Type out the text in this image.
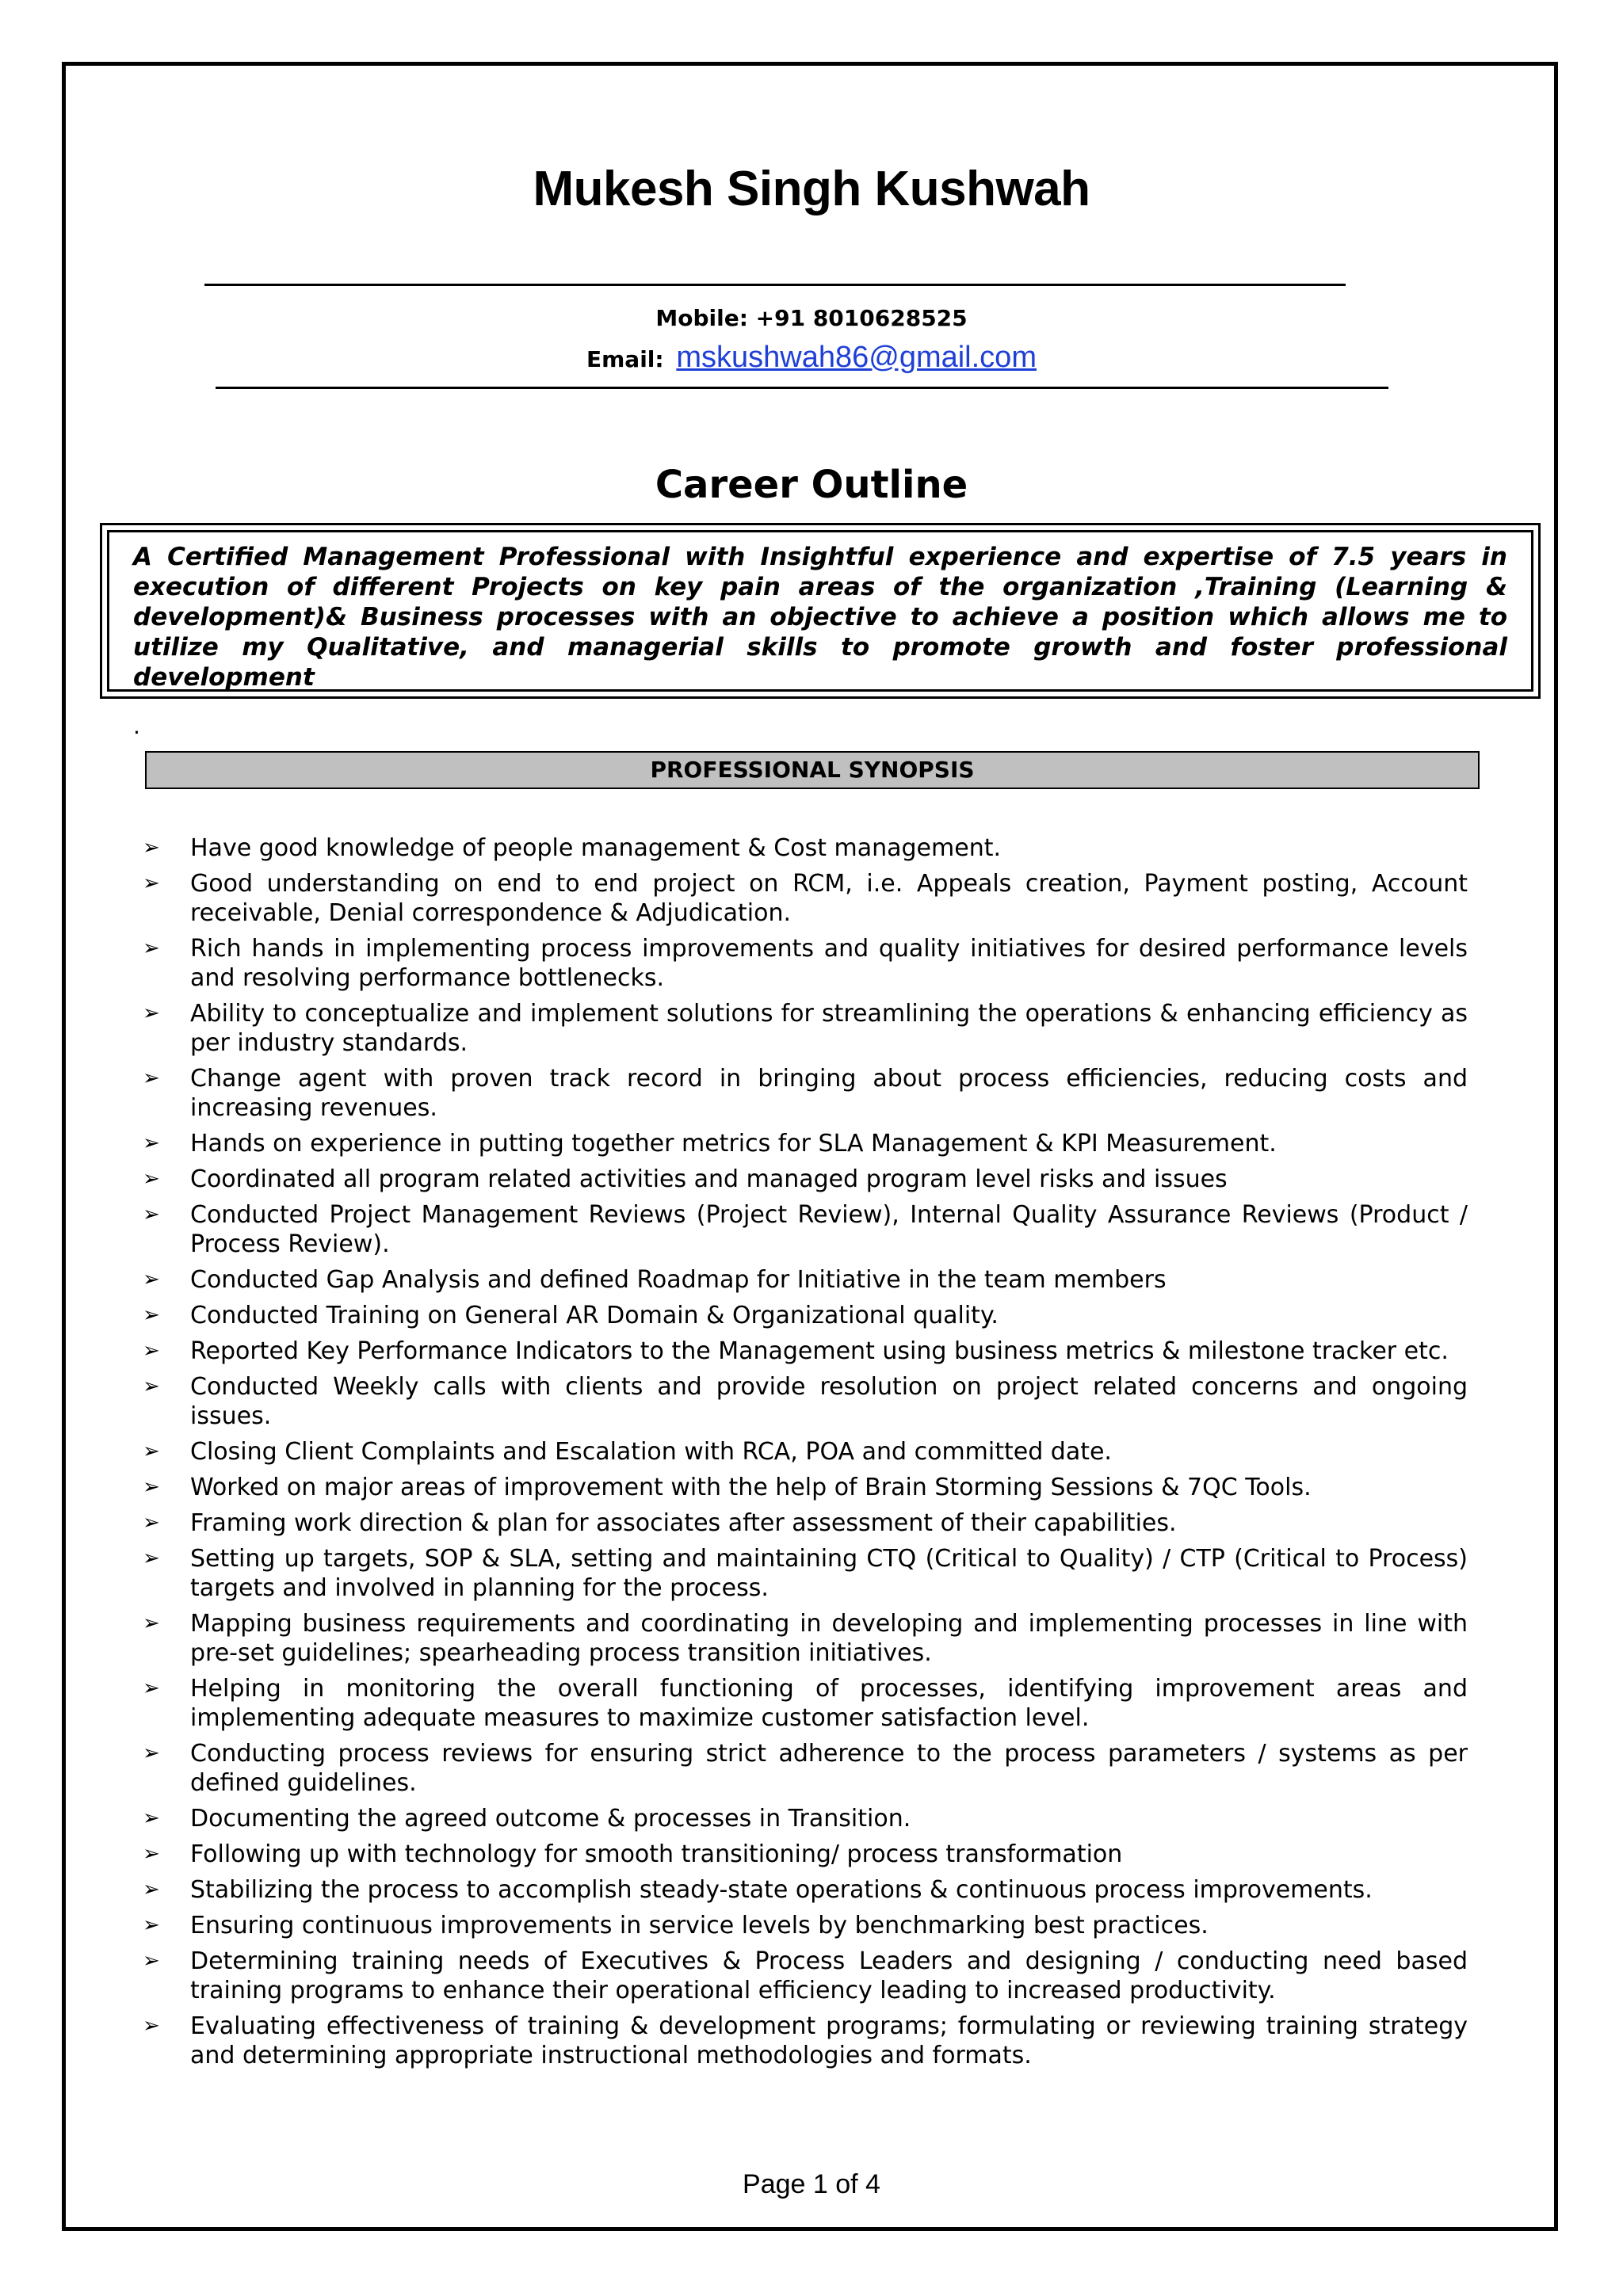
Mukesh Singh Kushwah
Mobile: +91 8010628525
Email: mskushwah86@gmail.com
Career Outline

A Certified Management Professional with Insightful experience and expertise of 7.5 years in execution of different Projects on key pain areas of the organization ,Training (Learning & development)& Business processes with an objective to achieve a position which allows me to utilize my Qualitative, and managerial skills to promote growth and foster professional development

.
PROFESSIONAL SYNOPSIS
➢ Have good knowledge of people management & Cost management.
➢ Good understanding on end to end project on RCM, i.e. Appeals creation, Payment posting, Account receivable, Denial correspondence & Adjudication.
➢ Rich hands in implementing process improvements and quality initiatives for desired performance levels and resolving performance bottlenecks.
➢ Ability to conceptualize and implement solutions for streamlining the operations & enhancing efficiency as per industry standards.
➢ Change agent with proven track record in bringing about process efficiencies, reducing costs and increasing revenues.
➢ Hands on experience in putting together metrics for SLA Management & KPI Measurement.
➢ Coordinated all program related activities and managed program level risks and issues
➢ Conducted Project Management Reviews (Project Review), Internal Quality Assurance Reviews (Product / Process Review).
➢ Conducted Gap Analysis and defined Roadmap for Initiative in the team members
➢ Conducted Training on General AR Domain & Organizational quality.
➢ Reported Key Performance Indicators to the Management using business metrics & milestone tracker etc.
➢ Conducted Weekly calls with clients and provide resolution on project related concerns and ongoing issues.
➢ Closing Client Complaints and Escalation with RCA, POA and committed date.
➢ Worked on major areas of improvement with the help of Brain Storming Sessions & 7QC Tools.
➢ Framing work direction & plan for associates after assessment of their capabilities.
➢ Setting up targets, SOP & SLA, setting and maintaining CTQ (Critical to Quality) / CTP (Critical to Process) targets and involved in planning for the process.
➢ Mapping business requirements and coordinating in developing and implementing processes in line with pre-set guidelines; spearheading process transition initiatives.
➢ Helping in monitoring the overall functioning of processes, identifying improvement areas and implementing adequate measures to maximize customer satisfaction level.
➢ Conducting process reviews for ensuring strict adherence to the process parameters / systems as per defined guidelines.
➢ Documenting the agreed outcome & processes in Transition.
➢ Following up with technology for smooth transitioning/ process transformation
➢ Stabilizing the process to accomplish steady-state operations & continuous process improvements.
➢ Ensuring continuous improvements in service levels by benchmarking best practices.
➢ Determining training needs of Executives & Process Leaders and designing / conducting need based training programs to enhance their operational efficiency leading to increased productivity.
➢ Evaluating effectiveness of training & development programs; formulating or reviewing training strategy and determining appropriate instructional methodologies and formats.
Page 1 of 4
